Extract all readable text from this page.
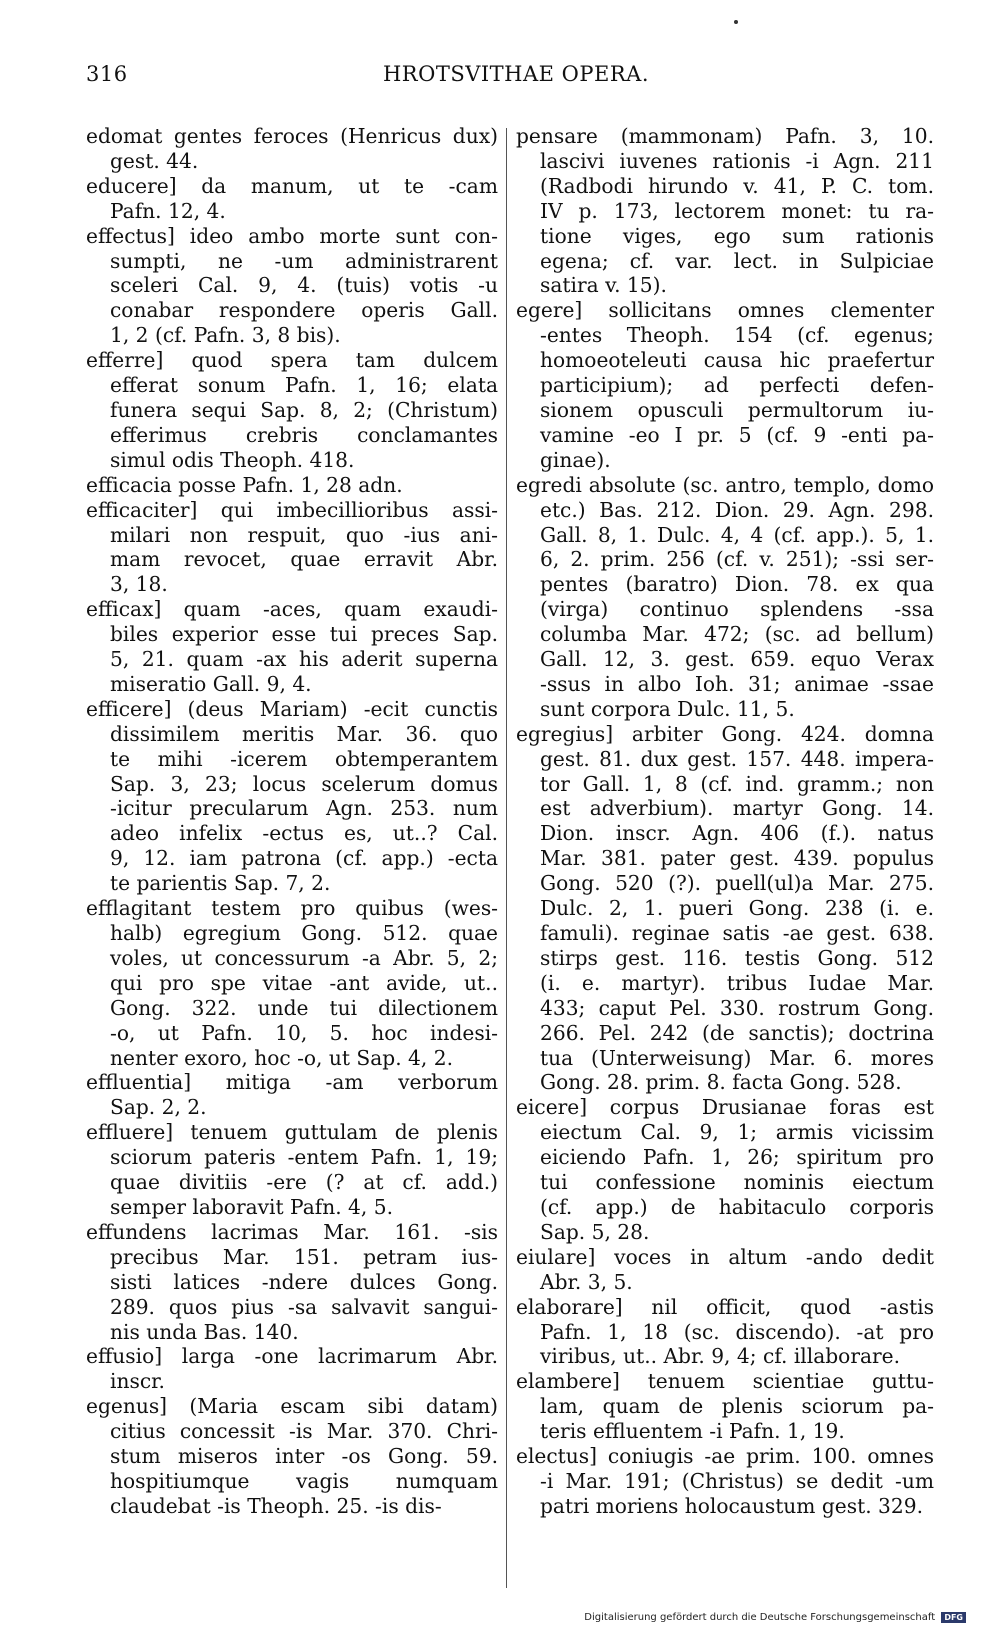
316	HROTSVITHAE OPERA.
edomat gentes feroces (Henricus dux)
gest. 44.
educere] da manum, ut te -cam
Pafn. 12, 4.
effectus] ideo ambo morte sunt con-
sumpti, ne -um administrarent
sceleri Cal. 9, 4. (tuis) votis -u
conabar respondere operis Gall.
1, 2 (cf. Pafn. 3, 8 bis).
efferre] quod spera tam dulcem
efferat sonum Pafn. 1, 16; elata
funera sequi Sap. 8, 2; (Christum)
efferimus crebris conclamantes
simul odis Theoph. 418.
efficacia posse Pafn. 1, 28 adn.
efficaciter] qui imbecillioribus assi-
milari non respuit, quo -ius ani-
mam revocet, quae erravit Abr.
3, 18.
efficax] quam -aces, quam exaudi-
biles experior esse tui preces Sap.
5, 21. quam -ax his aderit superna
miseratio Gall. 9, 4.
efficere] (deus Mariam) -ecit cunctis
dissimilem meritis Mar. 36. quo
te mihi -icerem obtemperantem
Sap. 3, 23; locus scelerum domus
-icitur precularum Agn. 253. num
adeo infelix -ectus es, ut..? Cal.
9, 12. iam patrona (cf. app.) -ecta
te parientis Sap. 7, 2.
efflagitant testem pro quibus (wes-
halb) egregium Gong. 512. quae
voles, ut concessurum -a Abr. 5, 2;
qui pro spe vitae -ant avide, ut..
Gong. 322. unde tui dilectionem
-o, ut Pafn. 10, 5. hoc indesi-
nenter exoro, hoc -o, ut Sap. 4, 2.
effluentia] mitiga -am verborum
Sap. 2, 2.
effluere] tenuem guttulam de plenis
sciorum pateris -entem Pafn. 1, 19;
quae divitiis -ere (? at cf. add.)
semper laboravit Pafn. 4, 5.
effundens lacrimas Mar. 161. -sis
precibus Mar. 151. petram ius-
sisti latices -ndere dulces Gong.
289. quos pius -sa salvavit sangui-
nis unda Bas. 140.
effusio] larga -one lacrimarum Abr.
inscr.
egenus] (Maria escam sibi datam)
citius concessit -is Mar. 370. Chri-
stum miseros inter -os Gong. 59.
hospitiumque vagis numquam
claudebat -is Theoph. 25. -is dis-
pensare (mammonam) Pafn. 3, 10.
lascivi iuvenes rationis -i Agn. 211
(Radbodi hirundo v. 41, P. C. tom.
IV p. 173, lectorem monet: tu ra-
tione viges, ego sum rationis
egena; cf. var. lect. in Sulpiciae
satira v. 15).
egere] sollicitans omnes clementer
-entes Theoph. 154 (cf. egenus;
homoeoteleuti causa hic praefertur
participium); ad perfecti defen-
sionem opusculi permultorum iu-
vamine -eo I pr. 5 (cf. 9 -enti pa-
ginae).
egredi absolute (sc. antro, templo, domo
etc.) Bas. 212. Dion. 29. Agn. 298.
Gall. 8, 1. Dulc. 4, 4 (cf. app.). 5, 1.
6, 2. prim. 256 (cf. v. 251); -ssi ser-
pentes (baratro) Dion. 78. ex qua
(virga) continuo splendens -ssa
columba Mar. 472; (sc. ad bellum)
Gall. 12, 3. gest. 659. equo Verax
-ssus in albo Ioh. 31; animae -ssae
sunt corpora Dulc. 11, 5.
egregius] arbiter Gong. 424. domna
gest. 81. dux gest. 157. 448. impera-
tor Gall. 1, 8 (cf. ind. gramm.; non
est adverbium). martyr Gong. 14.
Dion. inscr. Agn. 406 (f.). natus
Mar. 381. pater gest. 439. populus
Gong. 520 (?). puell(ul)a Mar. 275.
Dulc. 2, 1. pueri Gong. 238 (i. e.
famuli). reginae satis -ae gest. 638.
stirps gest. 116. testis Gong. 512
(i. e. martyr). tribus Iudae Mar.
433; caput Pel. 330. rostrum Gong.
266. Pel. 242 (de sanctis); doctrina
tua (Unterweisung) Mar. 6. mores
Gong. 28. prim. 8. facta Gong. 528.
eicere] corpus Drusianae foras est
eiectum Cal. 9, 1; armis vicissim
eiciendo Pafn. 1, 26; spiritum pro
tui confessione nominis eiectum
(cf. app.) de habitaculo corporis
Sap. 5, 28.
eiulare] voces in altum -ando dedit
Abr. 3, 5.
elaborare] nil officit, quod -astis
Pafn. 1, 18 (sc. discendo). -at pro
viribus, ut.. Abr. 9, 4; cf. illaborare.
elambere] tenuem scientiae guttu-
lam, quam de plenis sciorum pa-
teris effluentem -i Pafn. 1, 19.
electus] coniugis -ae prim. 100. omnes
-i Mar. 191; (Christus) se dedit -um
patri moriens holocaustum gest. 329.
Digitalisierung gefördert durch die Deutsche Forschungsgemeinschaft DFG
